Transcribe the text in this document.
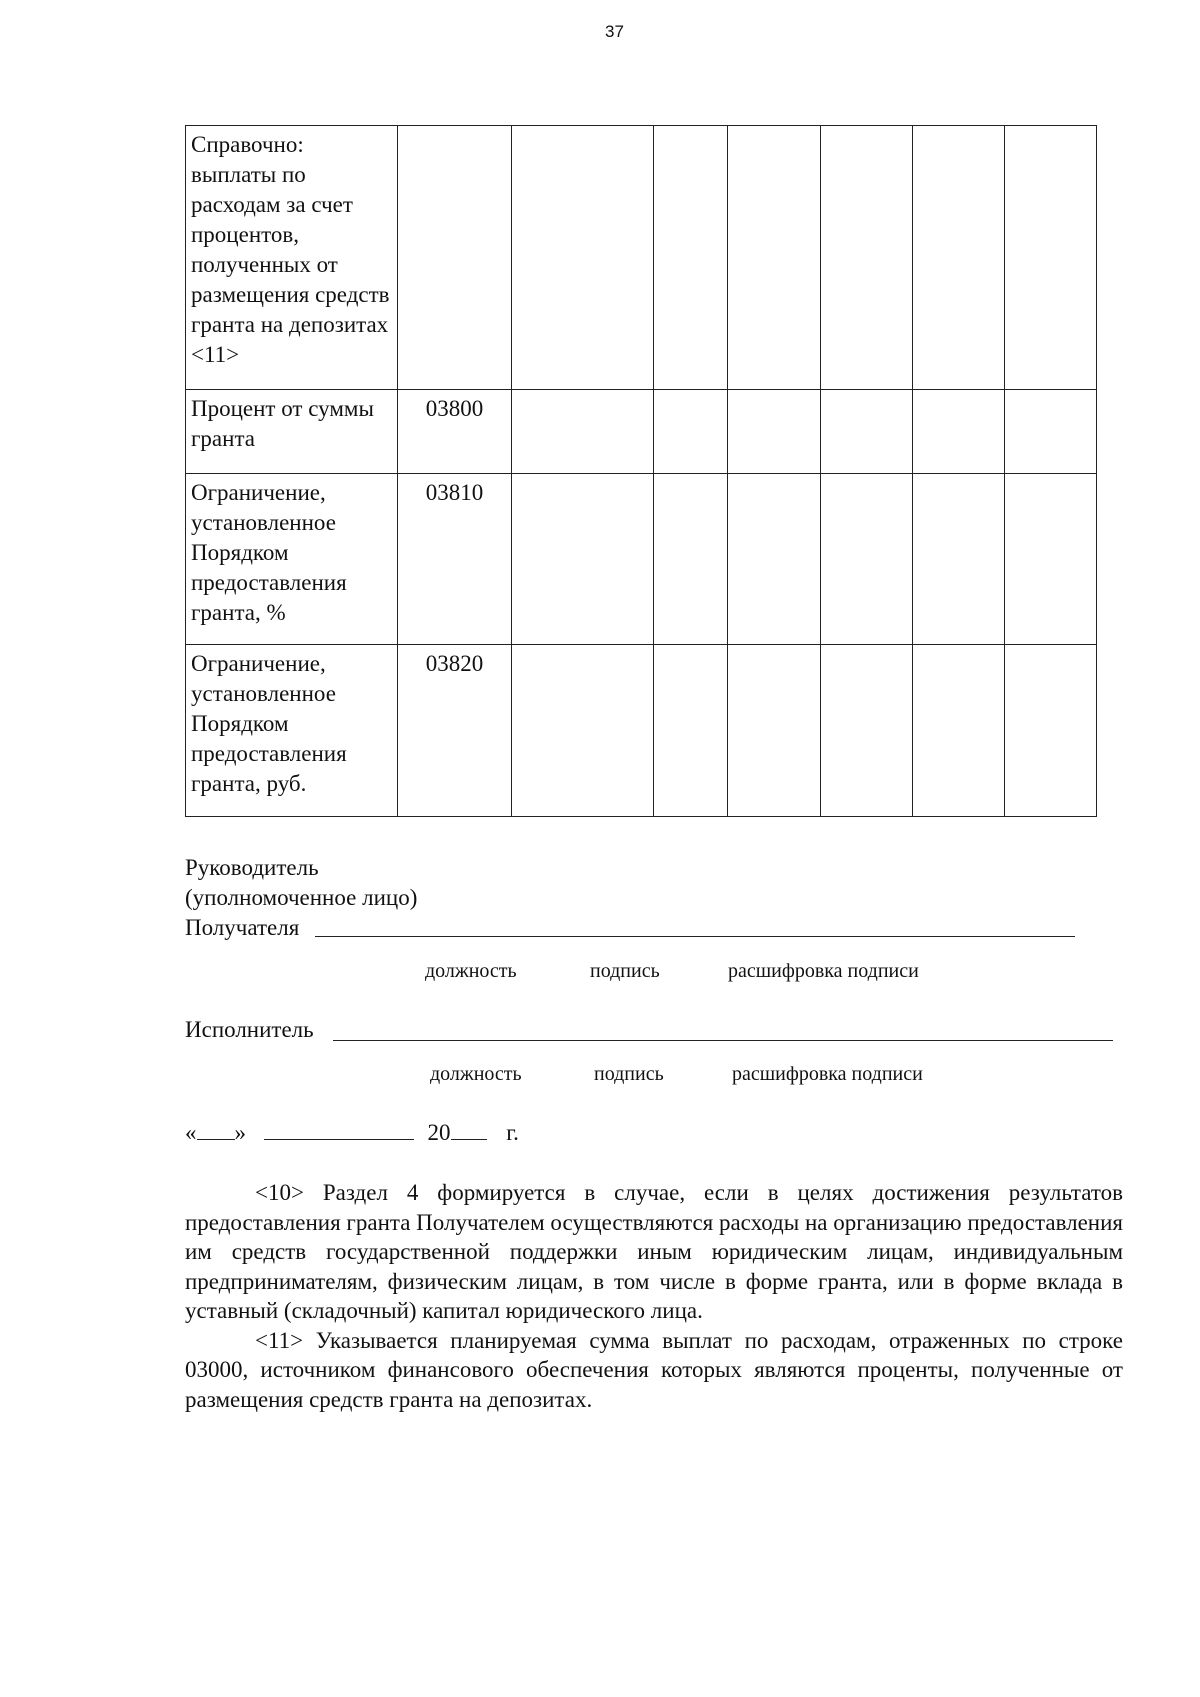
37
Справочно: выплаты по расходам за счет процентов, полученных от размещения средств гранта на депозитах <11>							
Процент от суммы гранта	03800						
Ограничение, установленное Порядком предоставления гранта, %	03810						
Ограничение, установленное Порядком предоставления гранта, руб.	03820						
Руководитель
(уполномоченное лицо)
Получателя
должность	подпись	расшифровка подписи
Исполнитель
должность	подпись	расшифровка подписи
« »	20 г.

<10> Раздел 4 формируется в случае, если в целях достижения результатов предоставления гранта Получателем осуществляются расходы на организацию предоставления им средств государственной поддержки иным юридическим лицам, индивидуальным предпринимателям, физическим лицам, в том числе в форме гранта, или в форме вклада в уставный (складочный) капитал юридического лица.

<11> Указывается планируемая сумма выплат по расходам, отраженных по строке 03000, источником финансового обеспечения которых являются проценты, полученные от размещения средств гранта на депозитах.
